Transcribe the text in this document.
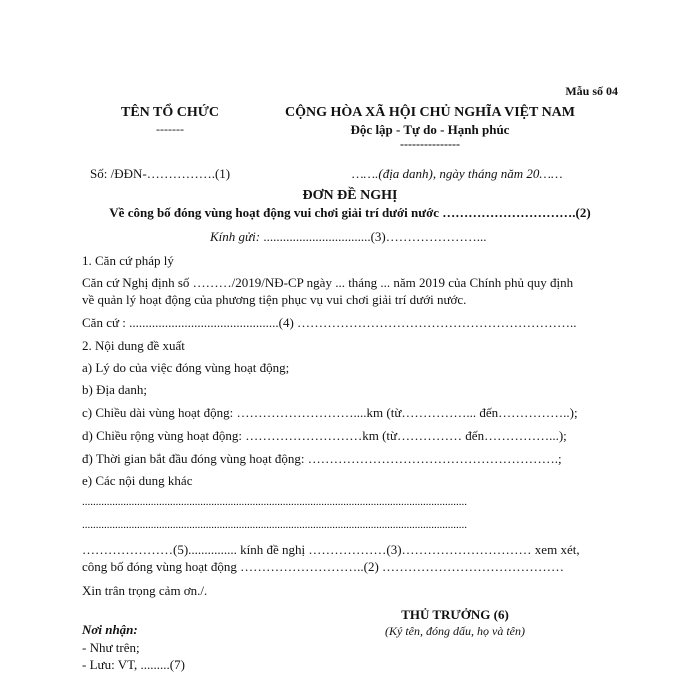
Mẫu số 04
TÊN TỔ CHỨC
-------
CỘNG HÒA XÃ HỘI CHỦ NGHĨA VIỆT NAM
Độc lập - Tự do - Hạnh phúc
---------------
Số: /ĐĐN-…………….(1)	…….(địa danh), ngày tháng năm 20……
ĐƠN ĐỀ NGHỊ
Về công bố đóng vùng hoạt động vui chơi giải trí dưới nước ………………………….(2)
Kính gửi: .................................(3)…………………...
1. Căn cứ pháp lý
Căn cứ Nghị định số ………/2019/NĐ-CP ngày ... tháng ... năm 2019 của Chính phủ quy định
về quản lý hoạt động của phương tiện phục vụ vui chơi giải trí dưới nước.
Căn cứ : ..............................................(4) ………………………………………………………..
2. Nội dung đề xuất
a) Lý do của việc đóng vùng hoạt động;
b) Địa danh;
c) Chiều dài vùng hoạt động: ………………………....km (từ……………... đến……………..);
d) Chiều rộng vùng hoạt động: ………………………km (từ…………… đến……………...);
đ) Thời gian bắt đầu đóng vùng hoạt động: ………………………………………………….;
e) Các nội dung khác
............................................................................................................................................
............................................................................................................................................
…………………(5)............... kính đề nghị ………………(3)………………………… xem xét,
công bố đóng vùng hoạt động ………………………..(2) ……………………………………
Xin trân trọng cảm ơn./.
THỦ TRƯỞNG (6)
(Ký tên, đóng dấu, họ và tên)
Nơi nhận:
- Như trên;
- Lưu: VT, .........(7)
